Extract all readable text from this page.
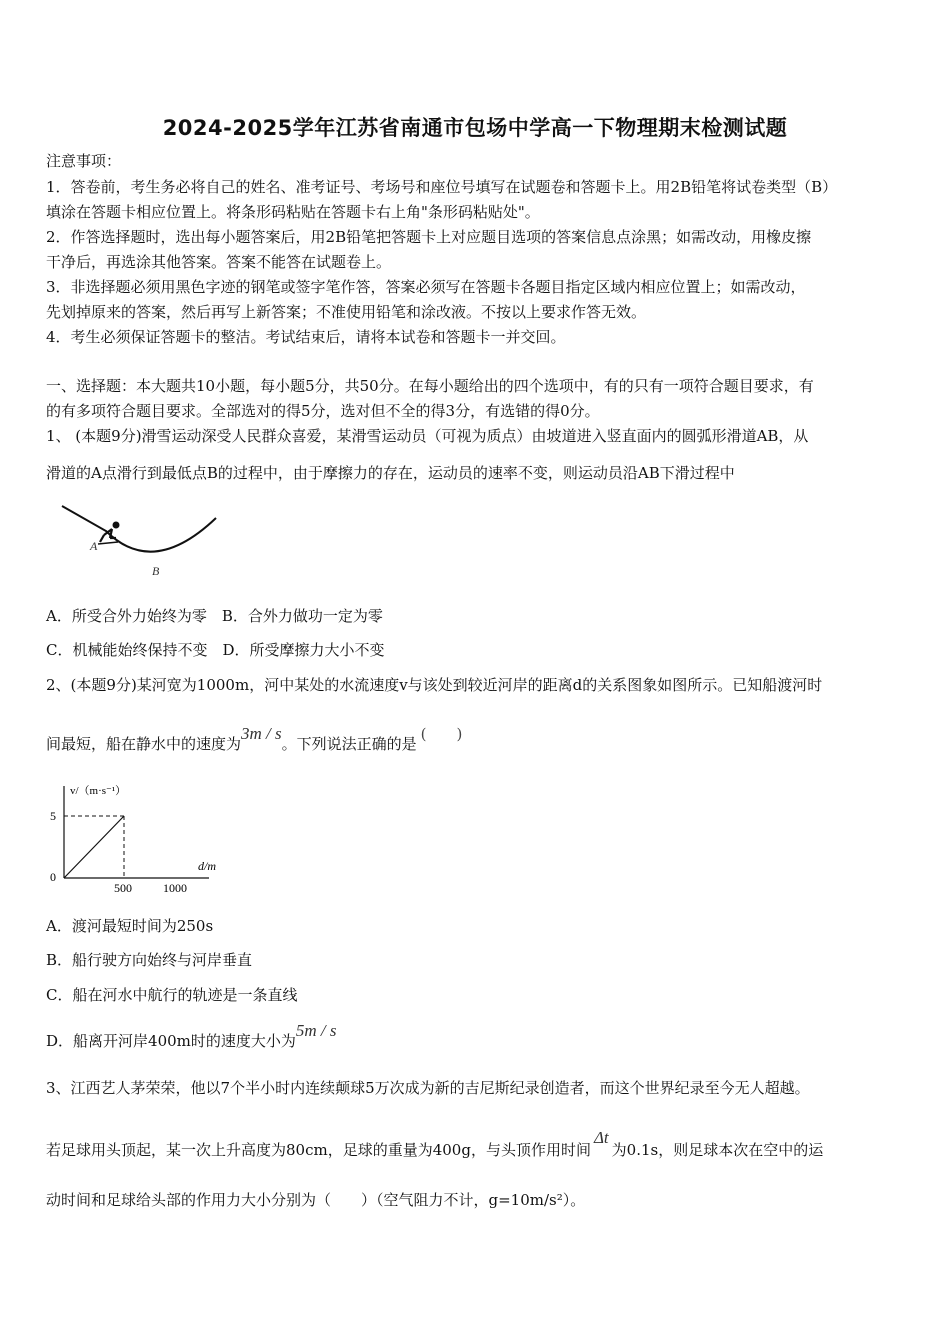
2024-2025学年江苏省南通市包场中学高一下物理期末检测试题
注意事项：
1．答卷前，考生务必将自己的姓名、准考证号、考场号和座位号填写在试题卷和答题卡上。用2B铅笔将试卷类型（B）
填涂在答题卡相应位置上。将条形码粘贴在答题卡右上角"条形码粘贴处"。
2．作答选择题时，选出每小题答案后，用2B铅笔把答题卡上对应题目选项的答案信息点涂黑；如需改动，用橡皮擦
干净后，再选涂其他答案。答案不能答在试题卷上。
3．非选择题必须用黑色字迹的钢笔或签字笔作答，答案必须写在答题卡各题目指定区域内相应位置上；如需改动，
先划掉原来的答案，然后再写上新答案；不准使用铅笔和涂改液。不按以上要求作答无效。
4．考生必须保证答题卡的整洁。考试结束后，请将本试卷和答题卡一并交回。
一、选择题：本大题共10小题，每小题5分，共50分。在每小题给出的四个选项中，有的只有一项符合题目要求，有
的有多项符合题目要求。全部选对的得5分，选对但不全的得3分，有选错的得0分。
1、 (本题9分)滑雪运动深受人民群众喜爱，某滑雪运动员（可视为质点）由坡道进入竖直面内的圆弧形滑道AB，从
滑道的A点滑行到最低点B的过程中，由于摩擦力的存在，运动员的速率不变，则运动员沿AB下滑过程中
A
B
A．所受合外力始终为零　B．合外力做功一定为零
C．机械能始终保持不变　D．所受摩擦力大小不变
2、(本题9分)某河宽为1000m，河中某处的水流速度v与该处到较近河岸的距离d的关系图象如图所示。已知船渡河时
间最短，船在静水中的速度为3m / s。下列说法正确的是(　　)
v/（m·s⁻¹）
d/m
5
0
500	1000
A．渡河最短时间为250s
B．船行驶方向始终与河岸垂直
C．船在河水中航行的轨迹是一条直线
D．船离开河岸400m时的速度大小为5m / s
3、江西艺人茅荣荣，他以7个半小时内连续颠球5万次成为新的吉尼斯纪录创造者，而这个世界纪录至今无人超越。
若足球用头顶起，某一次上升高度为80cm，足球的重量为400g，与头顶作用时间Δt为0.1s，则足球本次在空中的运
动时间和足球给头部的作用力大小分别为（　　）（空气阻力不计，g=10m/s²）。
